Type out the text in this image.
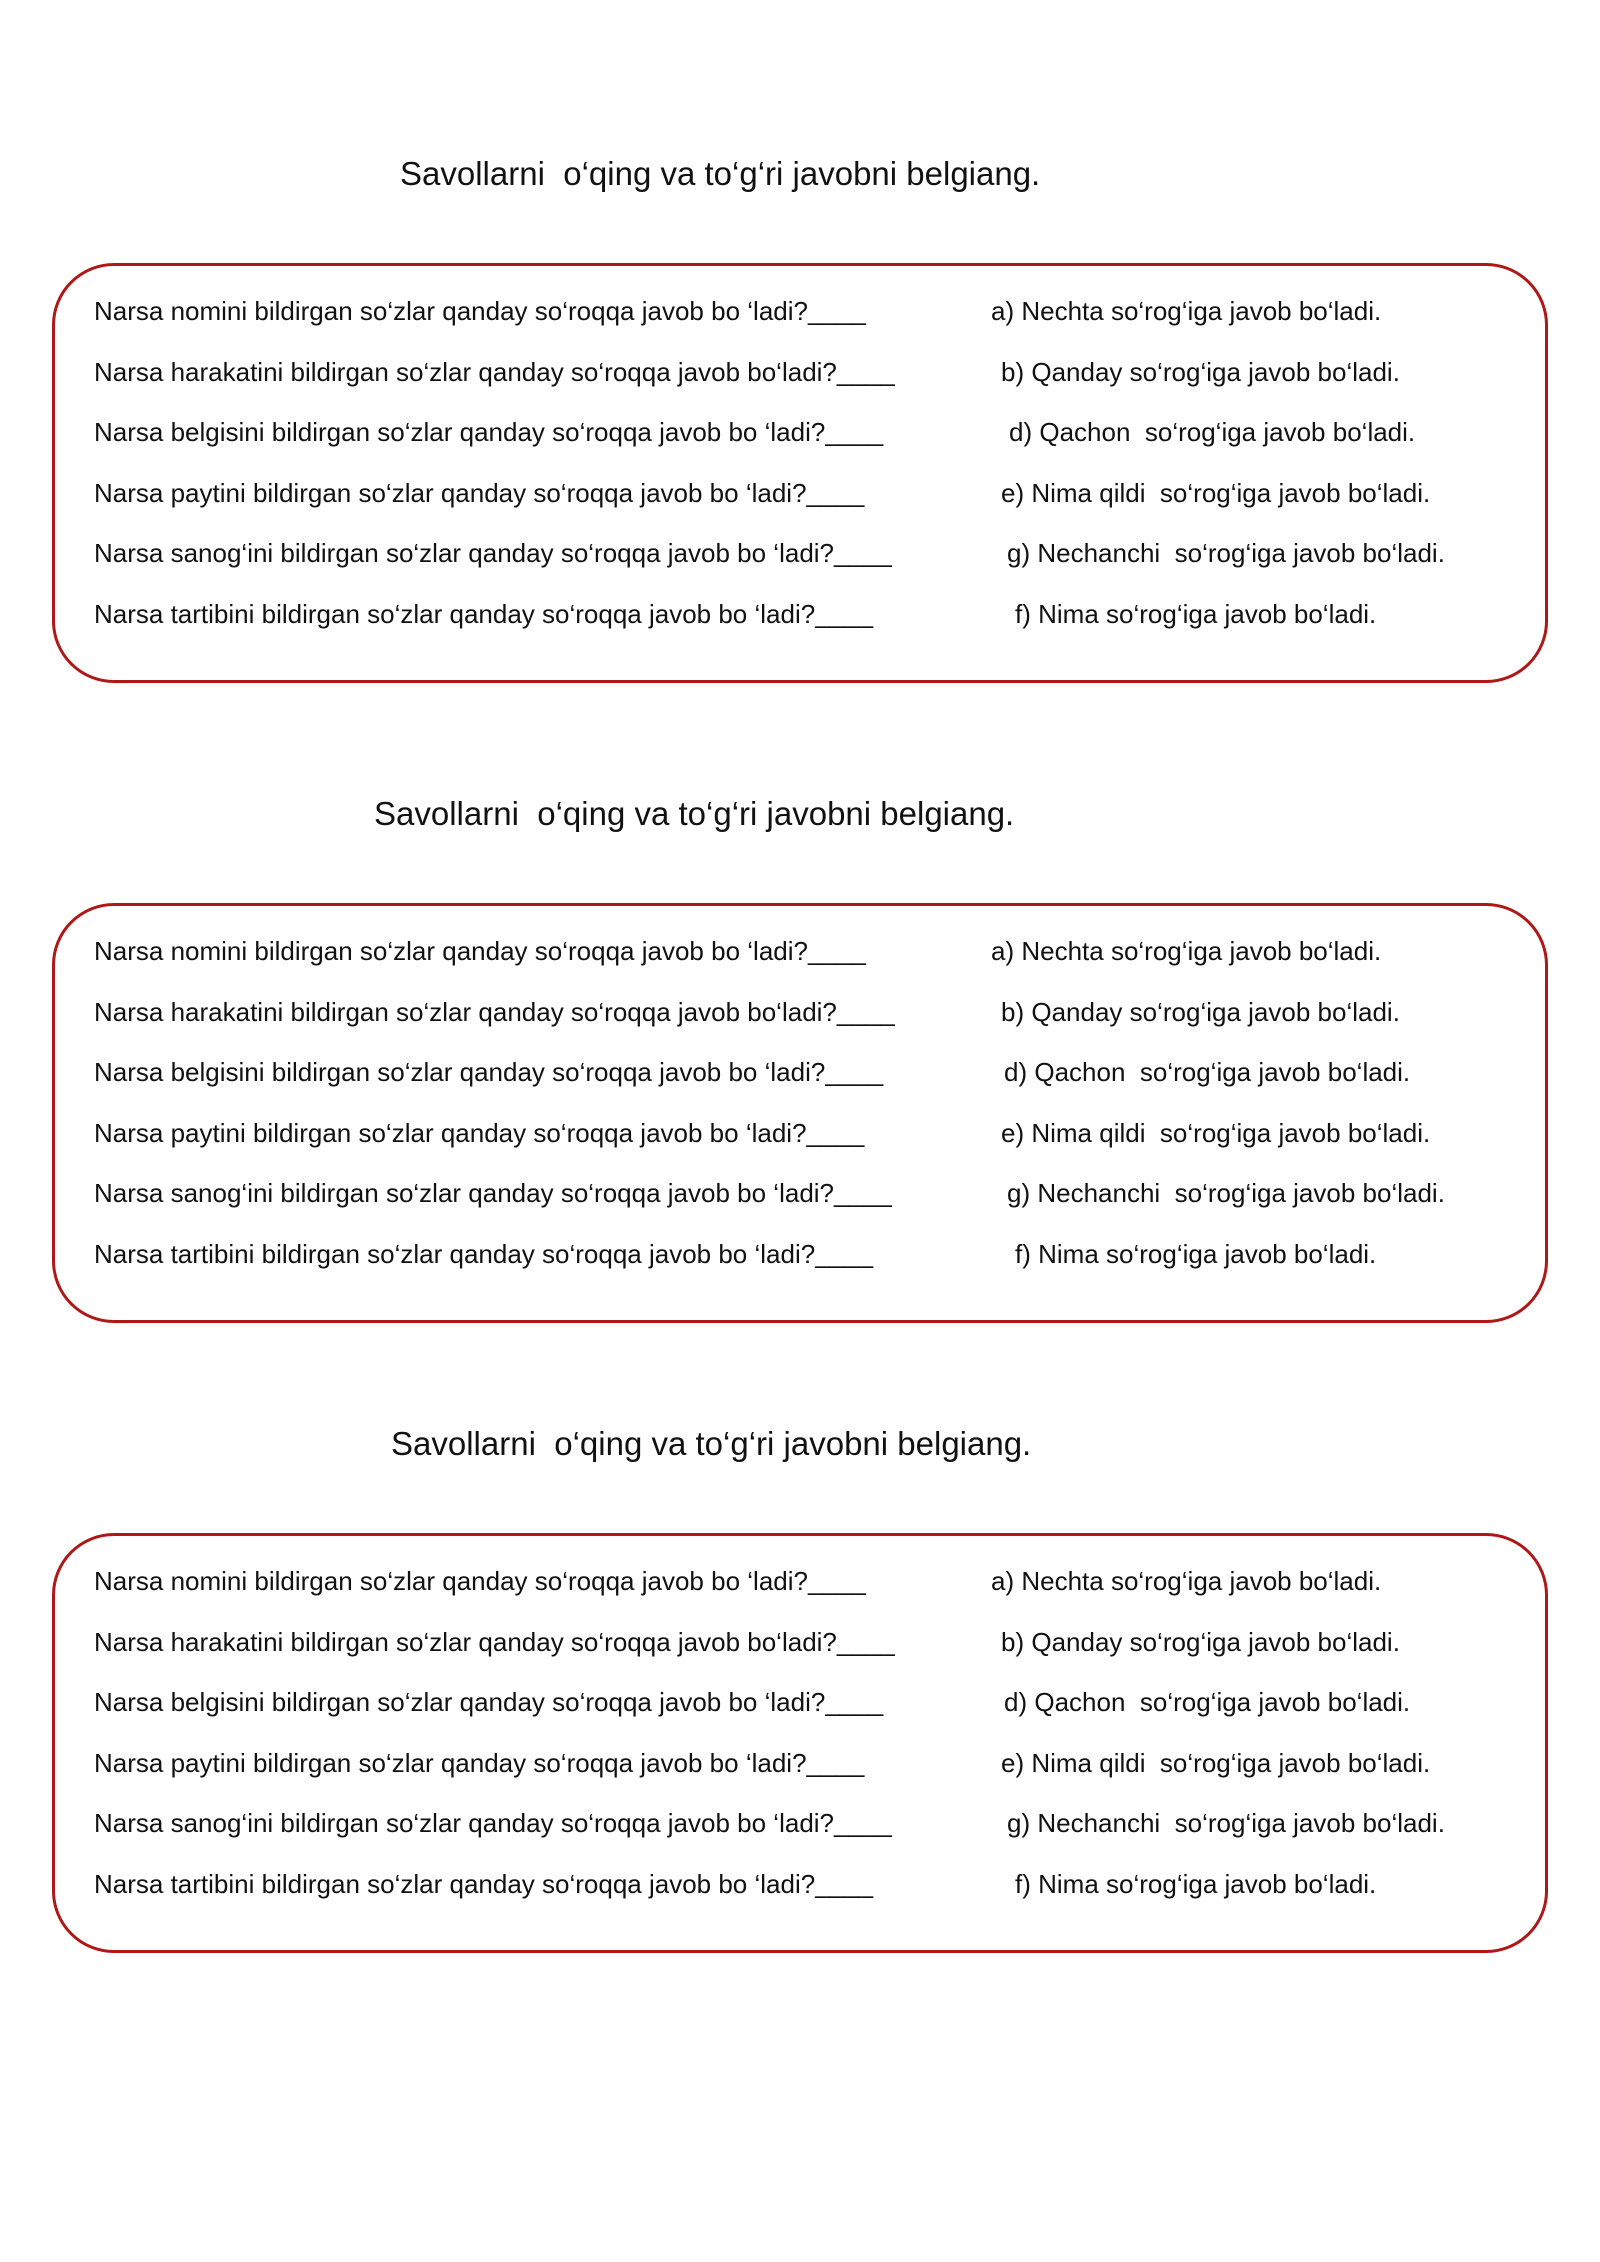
Savollarni  o‘qing va to‘g‘ri javobni belgiang.
Narsa nomini bildirgan so‘zlar qanday so‘roqqa javob bo ‘ladi?____
Narsa harakatini bildirgan so‘zlar qanday so‘roqqa javob bo‘ladi?____
Narsa belgisini bildirgan so‘zlar qanday so‘roqqa javob bo ‘ladi?____
Narsa paytini bildirgan so‘zlar qanday so‘roqqa javob bo ‘ladi?____
Narsa sanog‘ini bildirgan so‘zlar qanday so‘roqqa javob bo ‘ladi?____
Narsa tartibini bildirgan so‘zlar qanday so‘roqqa javob bo ‘ladi?____
a) Nechta so‘rog‘iga javob bo‘ladi.
b) Qanday so‘rog‘iga javob bo‘ladi.
d) Qachon  so‘rog‘iga javob bo‘ladi.
e) Nima qildi  so‘rog‘iga javob bo‘ladi.
g) Nechanchi  so‘rog‘iga javob bo‘ladi.
f) Nima so‘rog‘iga javob bo‘ladi.
Savollarni  o‘qing va to‘g‘ri javobni belgiang.
Narsa nomini bildirgan so‘zlar qanday so‘roqqa javob bo ‘ladi?____
Narsa harakatini bildirgan so‘zlar qanday so‘roqqa javob bo‘ladi?____
Narsa belgisini bildirgan so‘zlar qanday so‘roqqa javob bo ‘ladi?____
Narsa paytini bildirgan so‘zlar qanday so‘roqqa javob bo ‘ladi?____
Narsa sanog‘ini bildirgan so‘zlar qanday so‘roqqa javob bo ‘ladi?____
Narsa tartibini bildirgan so‘zlar qanday so‘roqqa javob bo ‘ladi?____
a) Nechta so‘rog‘iga javob bo‘ladi.
b) Qanday so‘rog‘iga javob bo‘ladi.
d) Qachon  so‘rog‘iga javob bo‘ladi.
e) Nima qildi  so‘rog‘iga javob bo‘ladi.
g) Nechanchi  so‘rog‘iga javob bo‘ladi.
f) Nima so‘rog‘iga javob bo‘ladi.
Savollarni  o‘qing va to‘g‘ri javobni belgiang.
Narsa nomini bildirgan so‘zlar qanday so‘roqqa javob bo ‘ladi?____
Narsa harakatini bildirgan so‘zlar qanday so‘roqqa javob bo‘ladi?____
Narsa belgisini bildirgan so‘zlar qanday so‘roqqa javob bo ‘ladi?____
Narsa paytini bildirgan so‘zlar qanday so‘roqqa javob bo ‘ladi?____
Narsa sanog‘ini bildirgan so‘zlar qanday so‘roqqa javob bo ‘ladi?____
Narsa tartibini bildirgan so‘zlar qanday so‘roqqa javob bo ‘ladi?____
a) Nechta so‘rog‘iga javob bo‘ladi.
b) Qanday so‘rog‘iga javob bo‘ladi.
d) Qachon  so‘rog‘iga javob bo‘ladi.
e) Nima qildi  so‘rog‘iga javob bo‘ladi.
g) Nechanchi  so‘rog‘iga javob bo‘ladi.
f) Nima so‘rog‘iga javob bo‘ladi.
